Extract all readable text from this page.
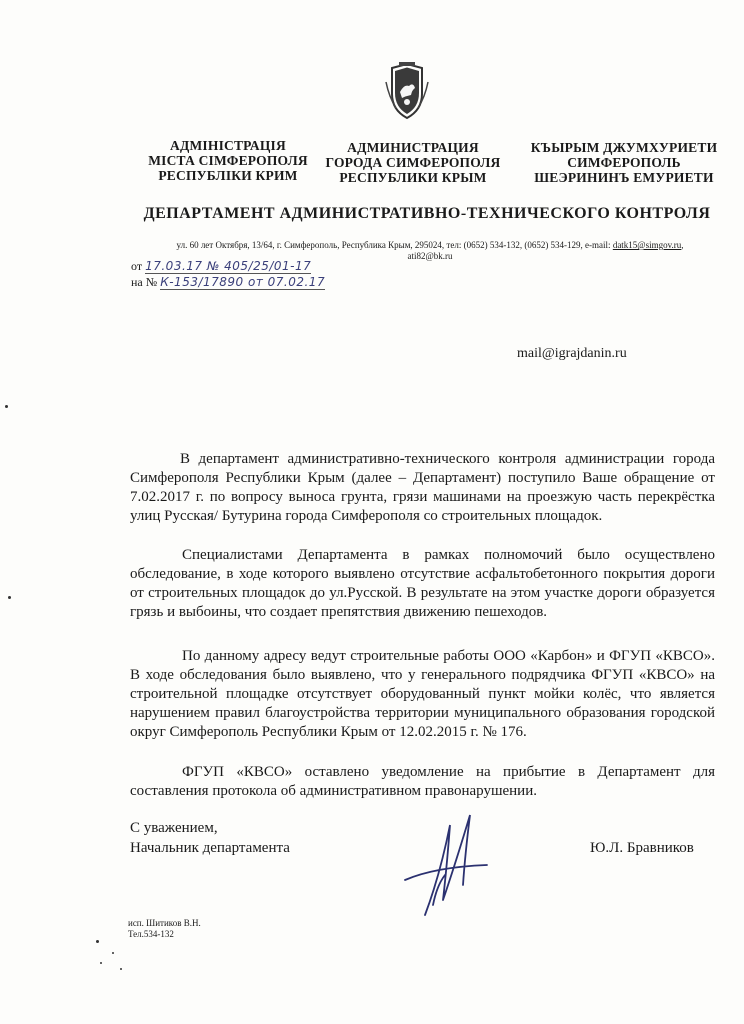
АДМІНІСТРАЦІЯ
МІСТА СІМФЕРОПОЛЯ
РЕСПУБЛІКИ КРИМ
АДМИНИСТРАЦИЯ
ГОРОДА СИМФЕРОПОЛЯ
РЕСПУБЛИКИ КРЫМ
КЪЫРЫМ ДЖУМХУРИЕТИ
СИМФЕРОПОЛЬ
ШЕЭРИНИНЪ ЕМУРИЕТИ
ДЕПАРТАМЕНТ АДМИНИСТРАТИВНО-ТЕХНИЧЕСКОГО КОНТРОЛЯ
ул. 60 лет Октября, 13/64, г. Симферополь, Республика Крым, 295024, тел: (0652) 534-132, (0652) 534-129, e-mail: datk15@simgov.ru,
ati82@bk.ru
от 17.03.17 № 405/25/01-17
на № К-153/17890 от 07.02.17
mail@igrajdanin.ru
В департамент административно-технического контроля администрации города Симферополя Республики Крым (далее – Департамент) поступило Ваше обращение от 7.02.2017 г. по вопросу выноса грунта, грязи машинами на проезжую часть перекрёстка улиц Русская/ Бутурина города Симферополя со строительных площадок.
Специалистами Департамента в рамках полномочий было осуществлено обследование, в ходе которого выявлено отсутствие асфальтобетонного покрытия дороги от строительных площадок до ул.Русской. В результате на этом участке дороги образуется грязь и выбоины, что создает препятствия движению пешеходов.
По данному адресу ведут строительные работы ООО «Карбон» и ФГУП «КВСО». В ходе обследования было выявлено, что у генерального подрядчика ФГУП «КВСО» на строительной площадке отсутствует оборудованный пункт мойки колёс, что является нарушением правил благоустройства территории муниципального образования городской округ Симферополь Республики Крым от 12.02.2015 г. № 176.
ФГУП «КВСО» оставлено уведомление на прибытие в Департамент для составления протокола об административном правонарушении.
С уважением,
Начальник департамента	Ю.Л. Бравников
исп. Шитиков В.Н.
Тел.534-132
